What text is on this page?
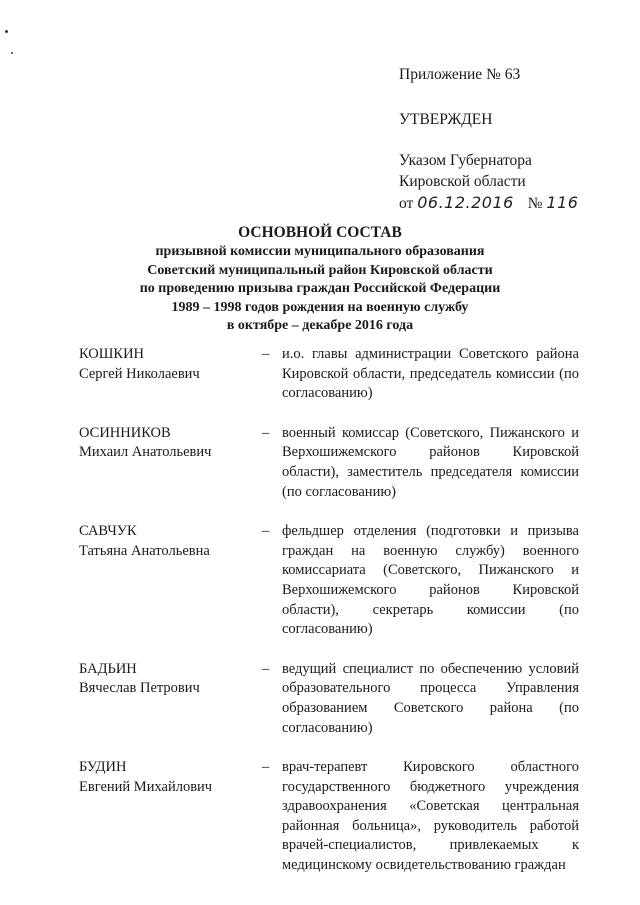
Приложение № 63
УТВЕРЖДЕН
Указом Губернатора
Кировской области
от 06.12.2016 № 116
ОСНОВНОЙ СОСТАВ
призывной комиссии муниципального образования
Советский муниципальный район Кировской области
по проведению призыва граждан Российской Федерации
1989 – 1998 годов рождения на военную службу
в октябре – декабре 2016 года
КОШКИН
Сергей Николаевич
– и.о. главы администрации Советского района Кировской области, председатель комиссии (по согласованию)
ОСИННИКОВ
Михаил Анатольевич
– военный комиссар (Советского, Пижанского и Верхошижемского районов Кировской области), заместитель председателя комиссии (по согласованию)
САВЧУК
Татьяна Анатольевна
– фельдшер отделения (подготовки и призыва граждан на военную службу) военного комиссариата (Советского, Пижанского и Верхошижемского районов Кировской области), секретарь комиссии (по согласованию)
БАДЬИН
Вячеслав Петрович
– ведущий специалист по обеспечению условий образовательного процесса Управления образованием Советского района (по согласованию)
БУДИН
Евгений Михайлович
– врач-терапевт Кировского областного государственного бюджетного учреждения здравоохранения «Советская центральная районная больница», руководитель работой врачей-специалистов, привлекаемых к медицинскому освидетельствованию граждан
